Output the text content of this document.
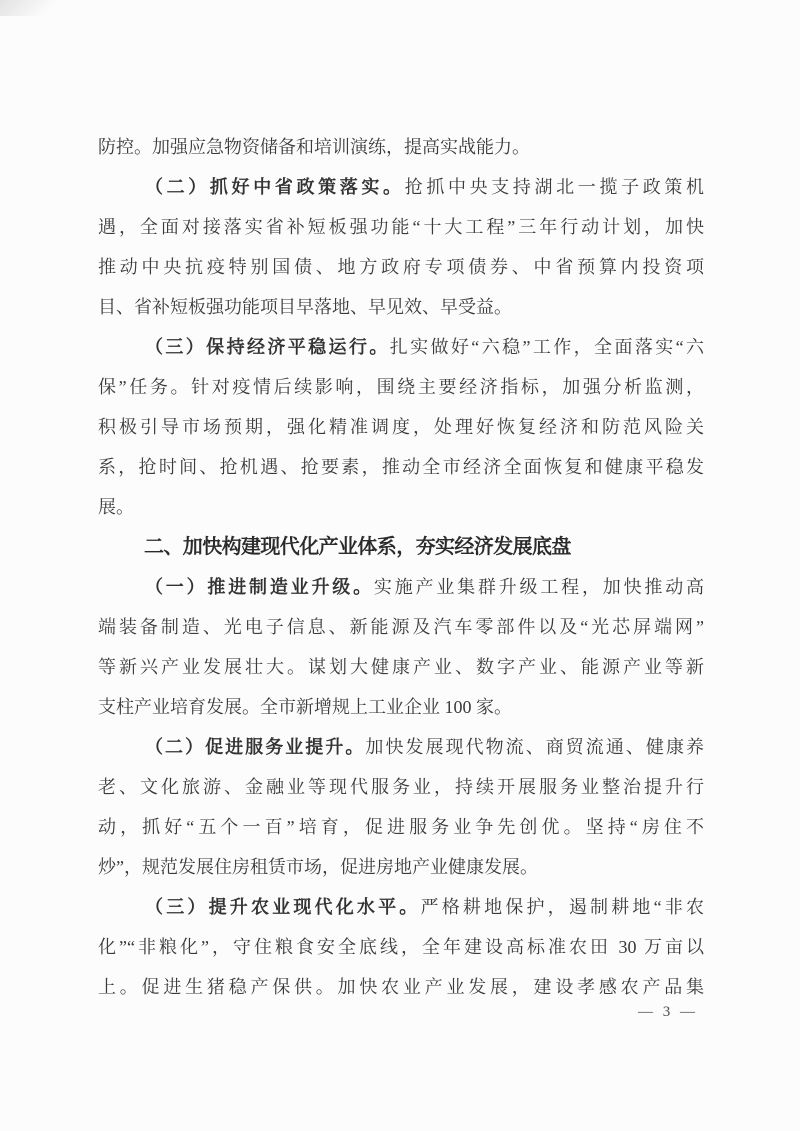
防控。加强应急物资储备和培训演练，提高实战能力。
（二）抓好中省政策落实。抢抓中央支持湖北一揽子政策机
遇，全面对接落实省补短板强功能“十大工程”三年行动计划，加快
推动中央抗疫特别国债、地方政府专项债券、中省预算内投资项
目、省补短板强功能项目早落地、早见效、早受益。
（三）保持经济平稳运行。扎实做好“六稳”工作，全面落实“六
保”任务。针对疫情后续影响，围绕主要经济指标，加强分析监测，
积极引导市场预期，强化精准调度，处理好恢复经济和防范风险关
系，抢时间、抢机遇、抢要素，推动全市经济全面恢复和健康平稳发
展。
二、加快构建现代化产业体系，夯实经济发展底盘
（一）推进制造业升级。实施产业集群升级工程，加快推动高
端装备制造、光电子信息、新能源及汽车零部件以及“光芯屏端网”
等新兴产业发展壮大。谋划大健康产业、数字产业、能源产业等新
支柱产业培育发展。全市新增规上工业企业 100 家。
（二）促进服务业提升。加快发展现代物流、商贸流通、健康养
老、文化旅游、金融业等现代服务业，持续开展服务业整治提升行
动，抓好“五个一百”培育，促进服务业争先创优。坚持“房住不
炒”，规范发展住房租赁市场，促进房地产业健康发展。
（三）提升农业现代化水平。严格耕地保护，遏制耕地“非农
化”“非粮化”，守住粮食安全底线，全年建设高标准农田 30 万亩以
上。促进生猪稳产保供。加快农业产业发展，建设孝感农产品集
— 3 —
